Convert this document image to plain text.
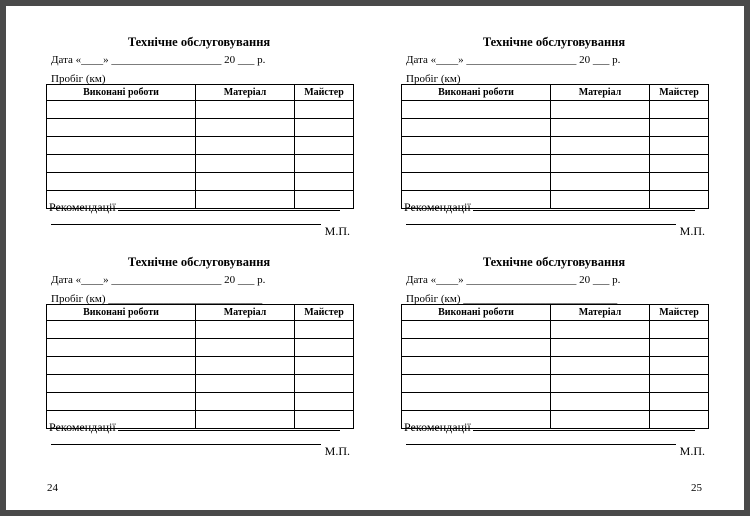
Технічне обслуговування
Дата «____» ____________________ 20 ___ р.
Пробіг (км)
Виконані роботи	Матеріал	Майстер

Рекомендації
М.П.
Технічне обслуговування
Дата «____» ____________________ 20 ___ р.
Пробіг (км)
Виконані роботи	Матеріал	Майстер

Рекомендації
М.П.
Технічне обслуговування
Дата «____» ____________________ 20 ___ р.
Пробіг (км) ____________________________
Виконані роботи	Матеріал	Майстер

Рекомендації
М.П.
Технічне обслуговування
Дата «____» ____________________ 20 ___ р.
Пробіг (км) ____________________________
Виконані роботи	Матеріал	Майстер

Рекомендації
М.П.
24	25
